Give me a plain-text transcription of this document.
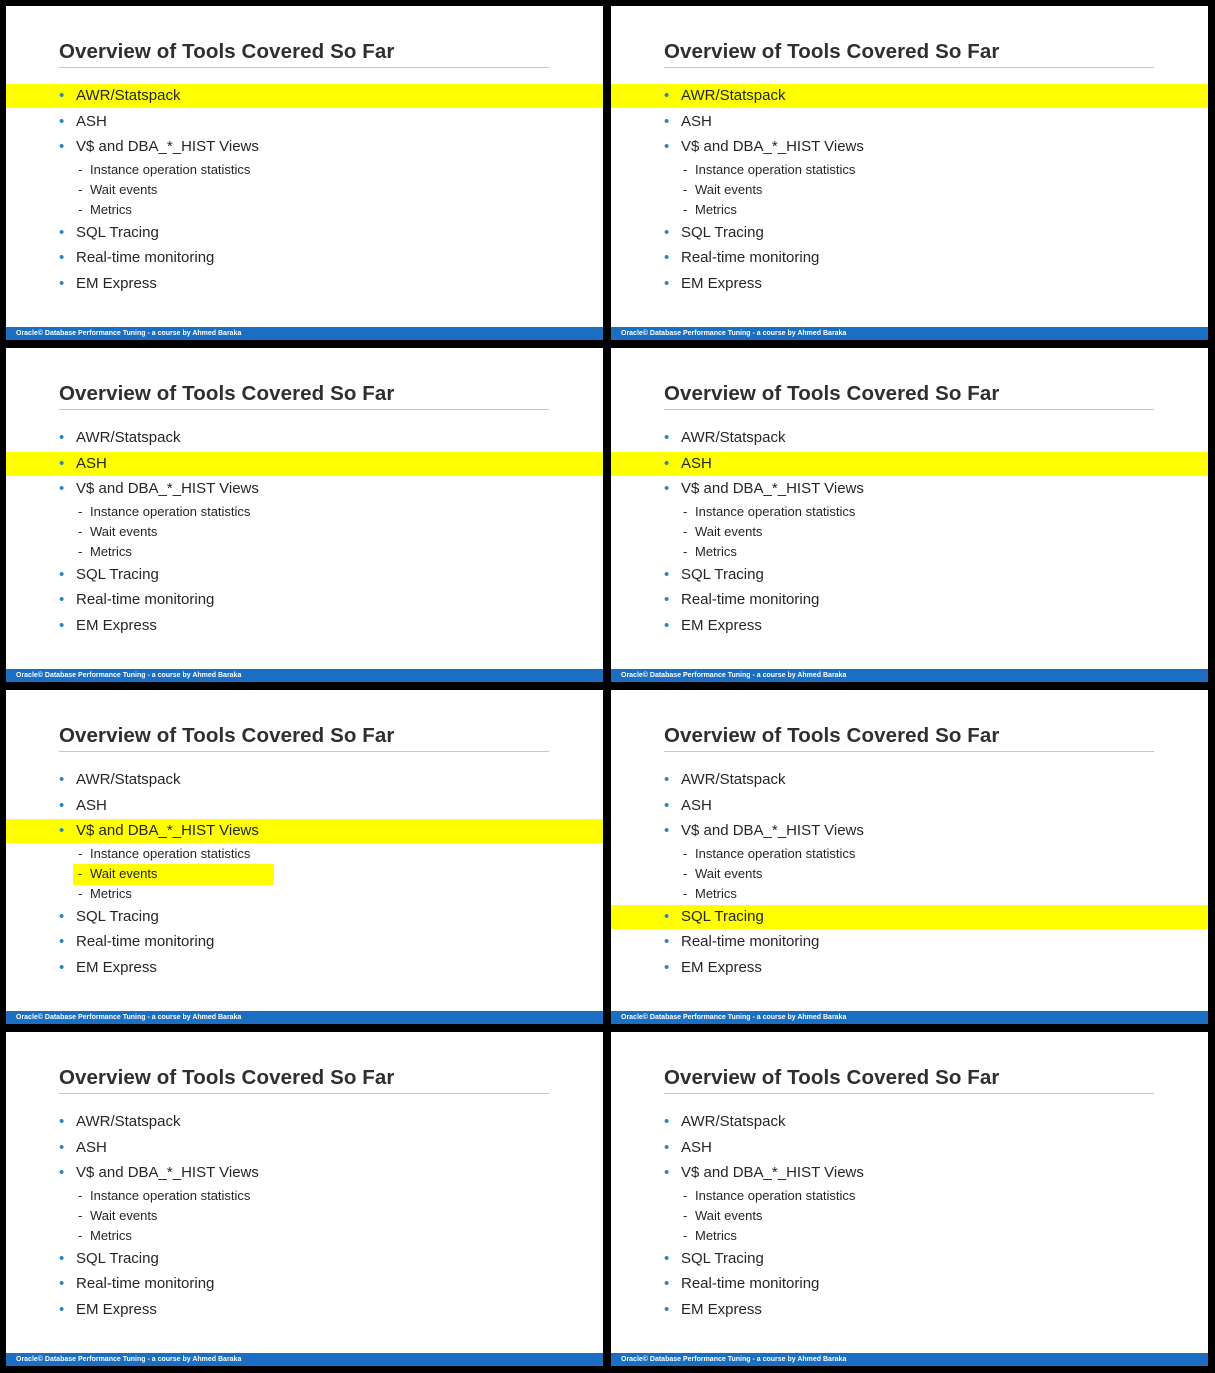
Overview of Tools Covered So Far
• AWR/Statspack
• ASH
• V$ and DBA_*_HIST Views
- Instance operation statistics
- Wait events
- Metrics
• SQL Tracing
• Real-time monitoring
• EM Express
Oracle© Database Performance Tuning - a course by Ahmed Baraka
Overview of Tools Covered So Far
• AWR/Statspack
• ASH
• V$ and DBA_*_HIST Views
- Instance operation statistics
- Wait events
- Metrics
• SQL Tracing
• Real-time monitoring
• EM Express
Oracle© Database Performance Tuning - a course by Ahmed Baraka
Overview of Tools Covered So Far
• AWR/Statspack
• ASH
• V$ and DBA_*_HIST Views
- Instance operation statistics
- Wait events
- Metrics
• SQL Tracing
• Real-time monitoring
• EM Express
Oracle© Database Performance Tuning - a course by Ahmed Baraka
Overview of Tools Covered So Far
• AWR/Statspack
• ASH
• V$ and DBA_*_HIST Views
- Instance operation statistics
- Wait events
- Metrics
• SQL Tracing
• Real-time monitoring
• EM Express
Oracle© Database Performance Tuning - a course by Ahmed Baraka
Overview of Tools Covered So Far
• AWR/Statspack
• ASH
• V$ and DBA_*_HIST Views
- Instance operation statistics
- Wait events
- Metrics
• SQL Tracing
• Real-time monitoring
• EM Express
Oracle© Database Performance Tuning - a course by Ahmed Baraka
Overview of Tools Covered So Far
• AWR/Statspack
• ASH
• V$ and DBA_*_HIST Views
- Instance operation statistics
- Wait events
- Metrics
• SQL Tracing
• Real-time monitoring
• EM Express
Oracle© Database Performance Tuning - a course by Ahmed Baraka
Overview of Tools Covered So Far
• AWR/Statspack
• ASH
• V$ and DBA_*_HIST Views
- Instance operation statistics
- Wait events
- Metrics
• SQL Tracing
• Real-time monitoring
• EM Express
Oracle© Database Performance Tuning - a course by Ahmed Baraka
Overview of Tools Covered So Far
• AWR/Statspack
• ASH
• V$ and DBA_*_HIST Views
- Instance operation statistics
- Wait events
- Metrics
• SQL Tracing
• Real-time monitoring
• EM Express
Oracle© Database Performance Tuning - a course by Ahmed Baraka
